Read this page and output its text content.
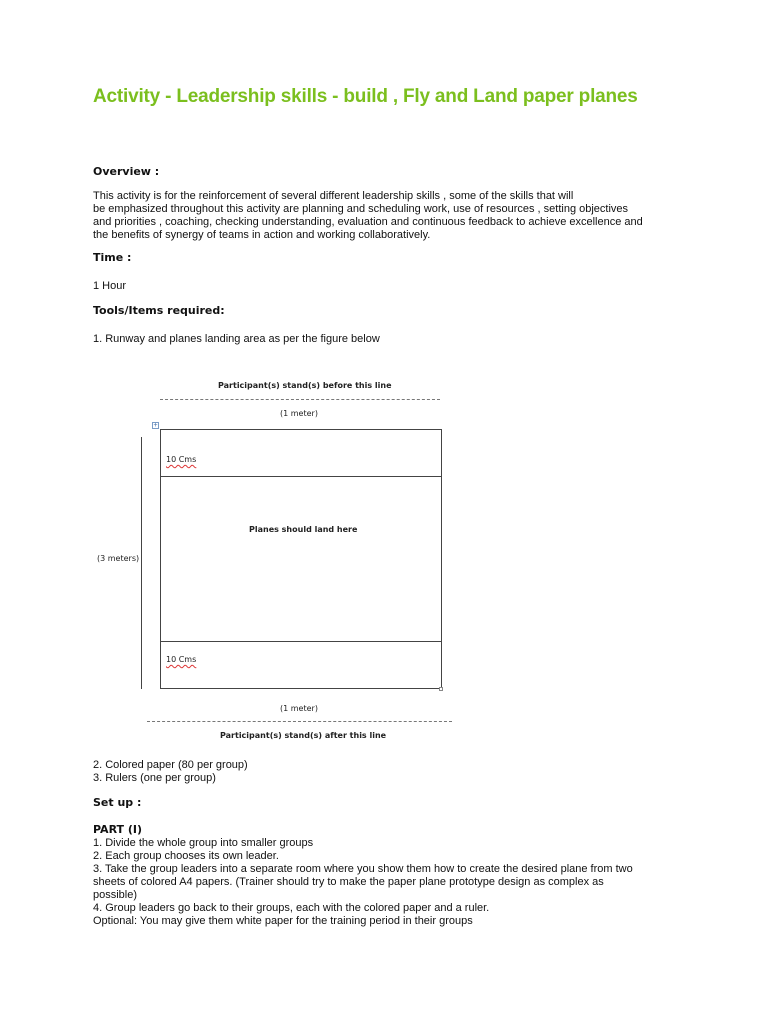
Activity - Leadership skills - build , Fly and Land paper planes
Overview :
This activity is for the reinforcement of several different leadership skills , some of the skills that will
be emphasized throughout this activity are planning and scheduling work, use of resources , setting objectives
and priorities , coaching, checking understanding, evaluation and continuous feedback to achieve excellence and
the benefits of synergy of teams in action and working collaboratively.
Time :
1 Hour
Tools/Items required:
1. Runway and planes landing area as per the figure below
Participant(s) stand(s) before this line
(1 meter)
+
10 Cms
Planes should land here
10 Cms
(3 meters)
(1 meter)
Participant(s) stand(s) after this line
2. Colored paper (80 per group)
3. Rulers (one per group)
Set up :
PART (I)
1. Divide the whole group into smaller groups
2. Each group chooses its own leader.
3. Take the group leaders into a separate room where you show them how to create the desired plane from two
sheets of colored A4 papers. (Trainer should try to make the paper plane prototype design as complex as
possible)
4. Group leaders go back to their groups, each with the colored paper and a ruler.
Optional: You may give them white paper for the training period in their groups
